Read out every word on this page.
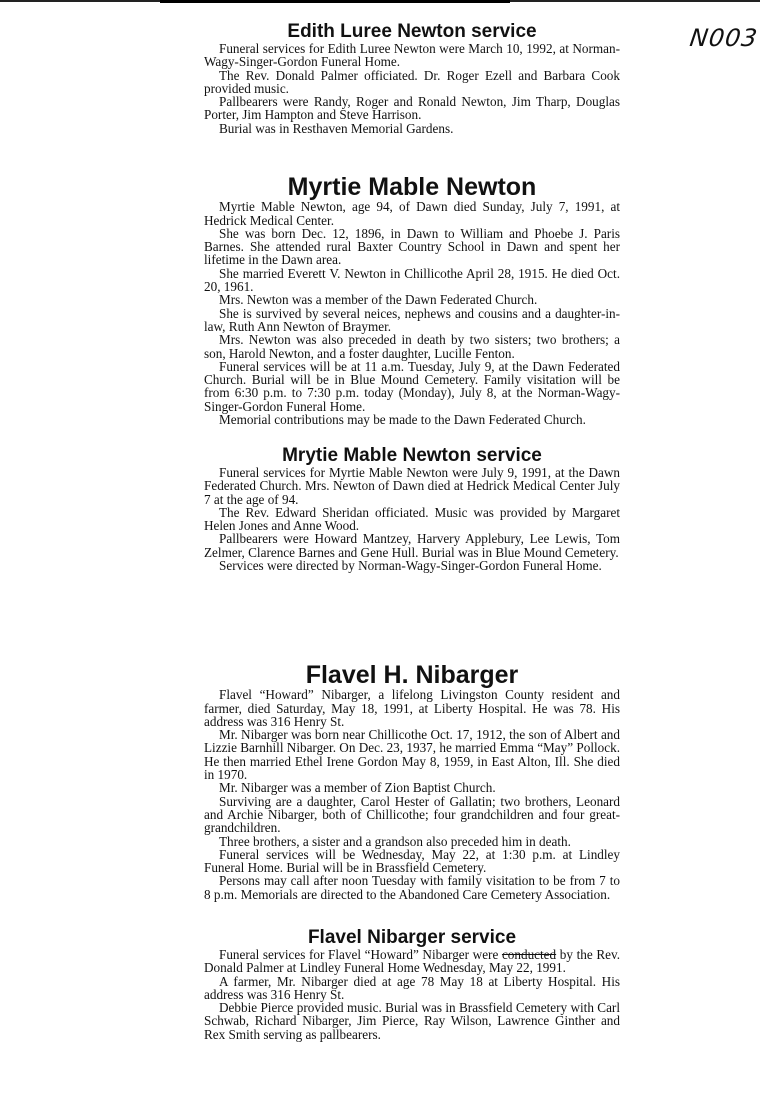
N003
Edith Luree Newton service

Funeral services for Edith Luree Newton were March 10, 1992, at Norman-Wagy-Singer-Gordon Funeral Home.

The Rev. Donald Palmer officiated. Dr. Roger Ezell and Barbara Cook provided music.

Pallbearers were Randy, Roger and Ronald Newton, Jim Tharp, Douglas Porter, Jim Hampton and Steve Harrison.

Burial was in Resthaven Memorial Gardens.

Myrtie Mable Newton

Myrtie Mable Newton, age 94, of Dawn died Sunday, July 7, 1991, at Hedrick Medical Center.

She was born Dec. 12, 1896, in Dawn to William and Phoebe J. Paris Barnes. She attended rural Baxter Country School in Dawn and spent her lifetime in the Dawn area.

She married Everett V. Newton in Chillicothe April 28, 1915. He died Oct. 20, 1961.

Mrs. Newton was a member of the Dawn Federated Church.

She is survived by several neices, nephews and cousins and a daughter-in-law, Ruth Ann Newton of Braymer.

Mrs. Newton was also preceded in death by two sisters; two brothers; a son, Harold Newton, and a foster daughter, Lucille Fenton.

Funeral services will be at 11 a.m. Tuesday, July 9, at the Dawn Federated Church. Burial will be in Blue Mound Cemetery. Family visitation will be from 6:30 p.m. to 7:30 p.m. today (Monday), July 8, at the Norman-Wagy-Singer-Gordon Funeral Home.

Memorial contributions may be made to the Dawn Federated Church.

Mrytie Mable Newton service

Funeral services for Myrtie Mable Newton were July 9, 1991, at the Dawn Federated Church. Mrs. Newton of Dawn died at Hedrick Medical Center July 7 at the age of 94.

The Rev. Edward Sheridan officiated. Music was provided by Margaret Helen Jones and Anne Wood.

Pallbearers were Howard Mantzey, Harvery Applebury, Lee Lewis, Tom Zelmer, Clarence Barnes and Gene Hull. Burial was in Blue Mound Cemetery.

Services were directed by Norman-Wagy-Singer-Gordon Funeral Home.

Flavel H. Nibarger

Flavel “Howard” Nibarger, a lifelong Livingston County resident and farmer, died Saturday, May 18, 1991, at Liberty Hospital. He was 78. His address was 316 Henry St.

Mr. Nibarger was born near Chillicothe Oct. 17, 1912, the son of Albert and Lizzie Barnhill Nibarger. On Dec. 23, 1937, he married Emma “May” Pollock. He then married Ethel Irene Gordon May 8, 1959, in East Alton, Ill. She died in 1970.

Mr. Nibarger was a member of Zion Baptist Church.

Surviving are a daughter, Carol Hester of Gallatin; two brothers, Leonard and Archie Nibarger, both of Chillicothe; four grandchildren and four great-grandchildren.

Three brothers, a sister and a grandson also preceded him in death.

Funeral services will be Wednesday, May 22, at 1:30 p.m. at Lindley Funeral Home. Burial will be in Brassfield Cemetery.

Persons may call after noon Tuesday with family visitation to be from 7 to 8 p.m. Memorials are directed to the Abandoned Care Cemetery Association.

Flavel Nibarger service

Funeral services for Flavel “Howard” Nibarger were conducted by the Rev. Donald Palmer at Lindley Funeral Home Wednesday, May 22, 1991.

A farmer, Mr. Nibarger died at age 78 May 18 at Liberty Hospital. His address was 316 Henry St.

Debbie Pierce provided music. Burial was in Brassfield Cemetery with Carl Schwab, Richard Nibarger, Jim Pierce, Ray Wilson, Lawrence Ginther and Rex Smith serving as pallbearers.
